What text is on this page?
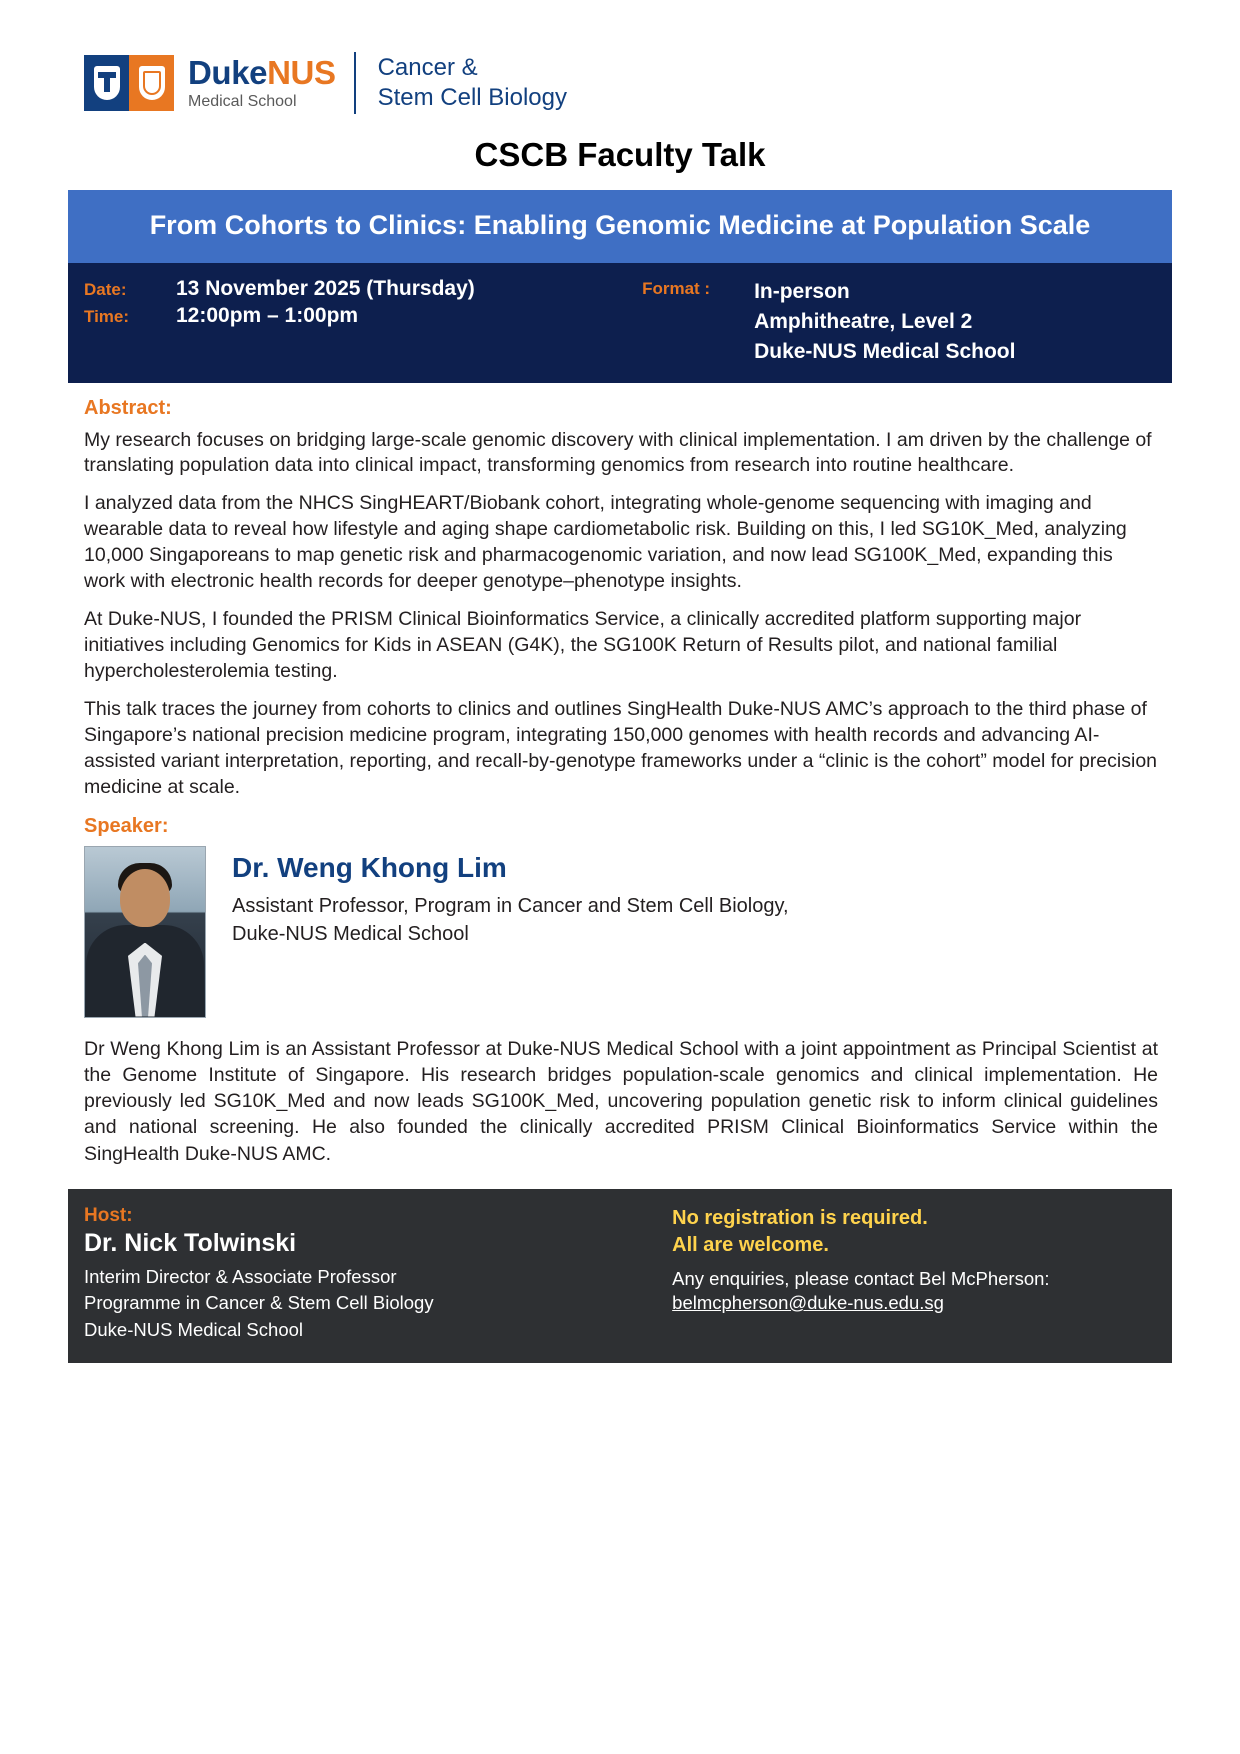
DukeNUS
Medical School
Cancer &
Stem Cell Biology
CSCB Faculty Talk
From Cohorts to Clinics: Enabling Genomic Medicine at Population Scale
Date:	13 November 2025 (Thursday)
Time:	12:00pm – 1:00pm
Format :	In-person
Amphitheatre, Level 2
Duke-NUS Medical School
Abstract:

My research focuses on bridging large-scale genomic discovery with clinical implementation. I am driven by the challenge of translating population data into clinical impact, transforming genomics from research into routine healthcare.

I analyzed data from the NHCS SingHEART/Biobank cohort, integrating whole-genome sequencing with imaging and wearable data to reveal how lifestyle and aging shape cardiometabolic risk. Building on this, I led SG10K_Med, analyzing 10,000 Singaporeans to map genetic risk and pharmacogenomic variation, and now lead SG100K_Med, expanding this work with electronic health records for deeper genotype–phenotype insights.

At Duke-NUS, I founded the PRISM Clinical Bioinformatics Service, a clinically accredited platform supporting major initiatives including Genomics for Kids in ASEAN (G4K), the SG100K Return of Results pilot, and national familial hypercholesterolemia testing.

This talk traces the journey from cohorts to clinics and outlines SingHealth Duke-NUS AMC’s approach to the third phase of Singapore’s national precision medicine program, integrating 150,000 genomes with health records and advancing AI-assisted variant interpretation, reporting, and recall-by-genotype frameworks under a “clinic is the cohort” model for precision medicine at scale.

Speaker:
Dr. Weng Khong Lim
Assistant Professor, Program in Cancer and Stem Cell Biology,
Duke-NUS Medical School
Dr Weng Khong Lim is an Assistant Professor at Duke-NUS Medical School with a joint appointment as Principal Scientist at the Genome Institute of Singapore. His research bridges population-scale genomics and clinical implementation. He previously led SG10K_Med and now leads SG100K_Med, uncovering population genetic risk to inform clinical guidelines and national screening. He also founded the clinically accredited PRISM Clinical Bioinformatics Service within the SingHealth Duke-NUS AMC.
Host:
Dr. Nick Tolwinski
Interim Director & Associate Professor
Programme in Cancer & Stem Cell Biology
Duke-NUS Medical School
No registration is required.
All are welcome.
Any enquiries, please contact Bel McPherson:
belmcpherson@duke-nus.edu.sg
